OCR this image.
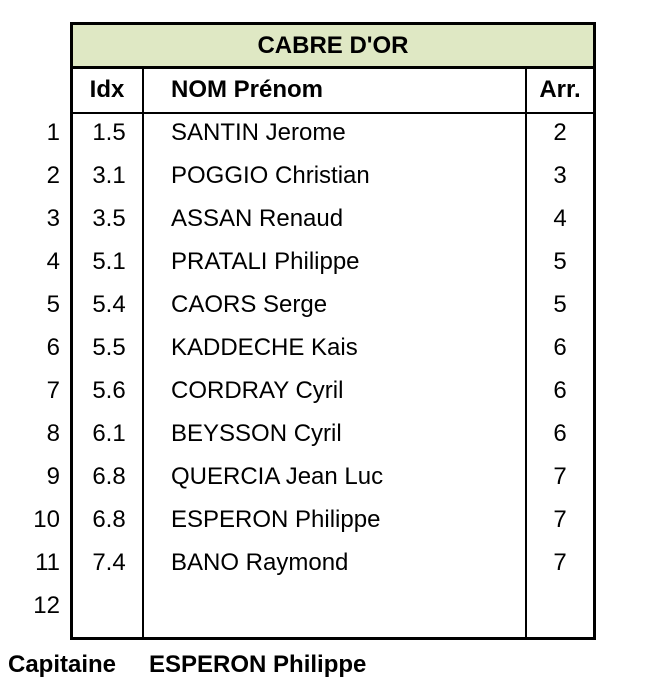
CABRE D'OR
Idx	NOM Prénom	Arr.
1	1.5	SANTIN Jerome	2
2	3.1	POGGIO Christian	3
3	3.5	ASSAN Renaud	4
4	5.1	PRATALI Philippe	5
5	5.4	CAORS Serge	5
6	5.5	KADDECHE Kais	6
7	5.6	CORDRAY Cyril	6
8	6.1	BEYSSON Cyril	6
9	6.8	QUERCIA Jean Luc	7
10	6.8	ESPERON Philippe	7
11	7.4	BANO Raymond	7
12
Capitaine ESPERON Philippe
